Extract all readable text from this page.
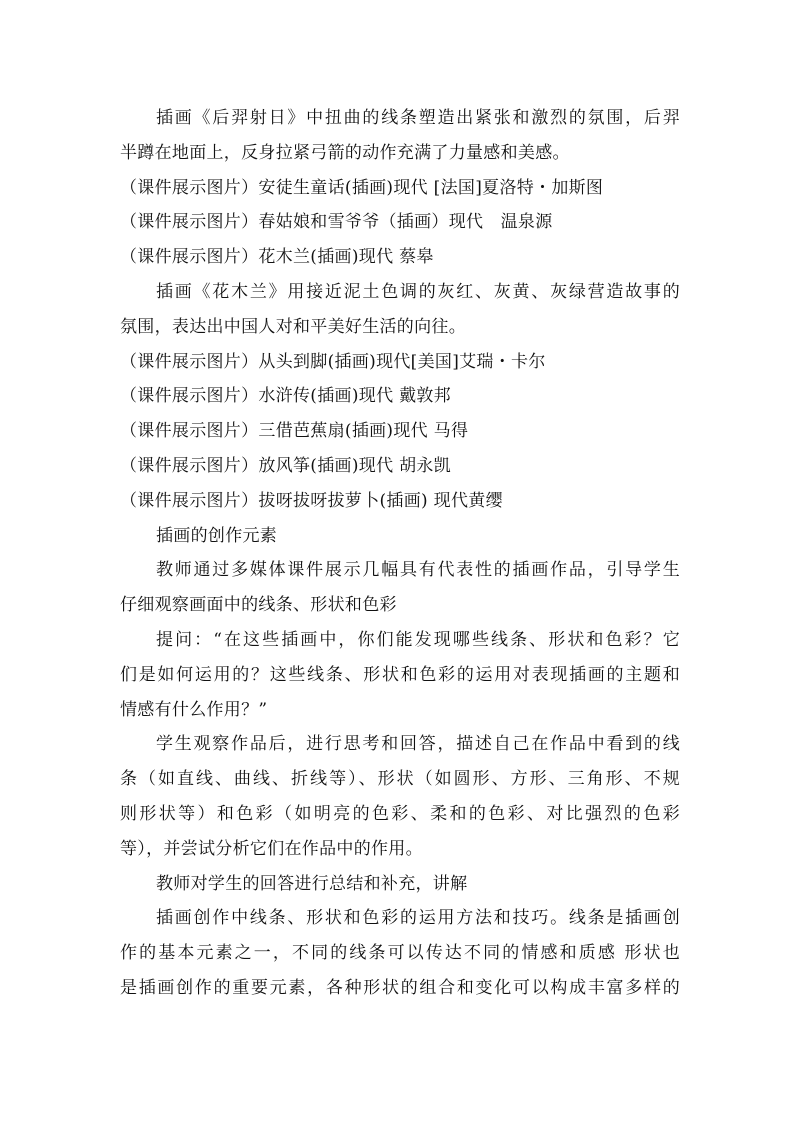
插画《后羿射日》中扭曲的线条塑造出紧张和激烈的氛围，后羿
半蹲在地面上，反身拉紧弓箭的动作充满了力量感和美感。
（课件展示图片）安徒生童话(插画)现代 [法国]夏洛特・加斯图
（课件展示图片）春姑娘和雪爷爷（插画）现代　温泉源
（课件展示图片）花木兰(插画)现代 蔡皋
插画《花木兰》用接近泥土色调的灰红、灰黄、灰绿营造故事的
氛围，表达出中国人对和平美好生活的向往。
（课件展示图片）从头到脚(插画)现代[美国]艾瑞・卡尔
（课件展示图片）水浒传(插画)现代 戴敦邦
（课件展示图片）三借芭蕉扇(插画)现代 马得
（课件展示图片）放风筝(插画)现代 胡永凯
（课件展示图片）拔呀拔呀拔萝卜(插画) 现代黄缨
插画的创作元素
教师通过多媒体课件展示几幅具有代表性的插画作品，引导学生
仔细观察画面中的线条、形状和色彩
提问：“在这些插画中，你们能发现哪些线条、形状和色彩？它
们是如何运用的？这些线条、形状和色彩的运用对表现插画的主题和
情感有什么作用？”
学生观察作品后，进行思考和回答，描述自己在作品中看到的线
条（如直线、曲线、折线等）、形状（如圆形、方形、三角形、不规
则形状等）和色彩（如明亮的色彩、柔和的色彩、对比强烈的色彩
等），并尝试分析它们在作品中的作用。
教师对学生的回答进行总结和补充，讲解
插画创作中线条、形状和色彩的运用方法和技巧。线条是插画创
作的基本元素之一，不同的线条可以传达不同的情感和质感 形状也
是插画创作的重要元素，各种形状的组合和变化可以构成丰富多样的
